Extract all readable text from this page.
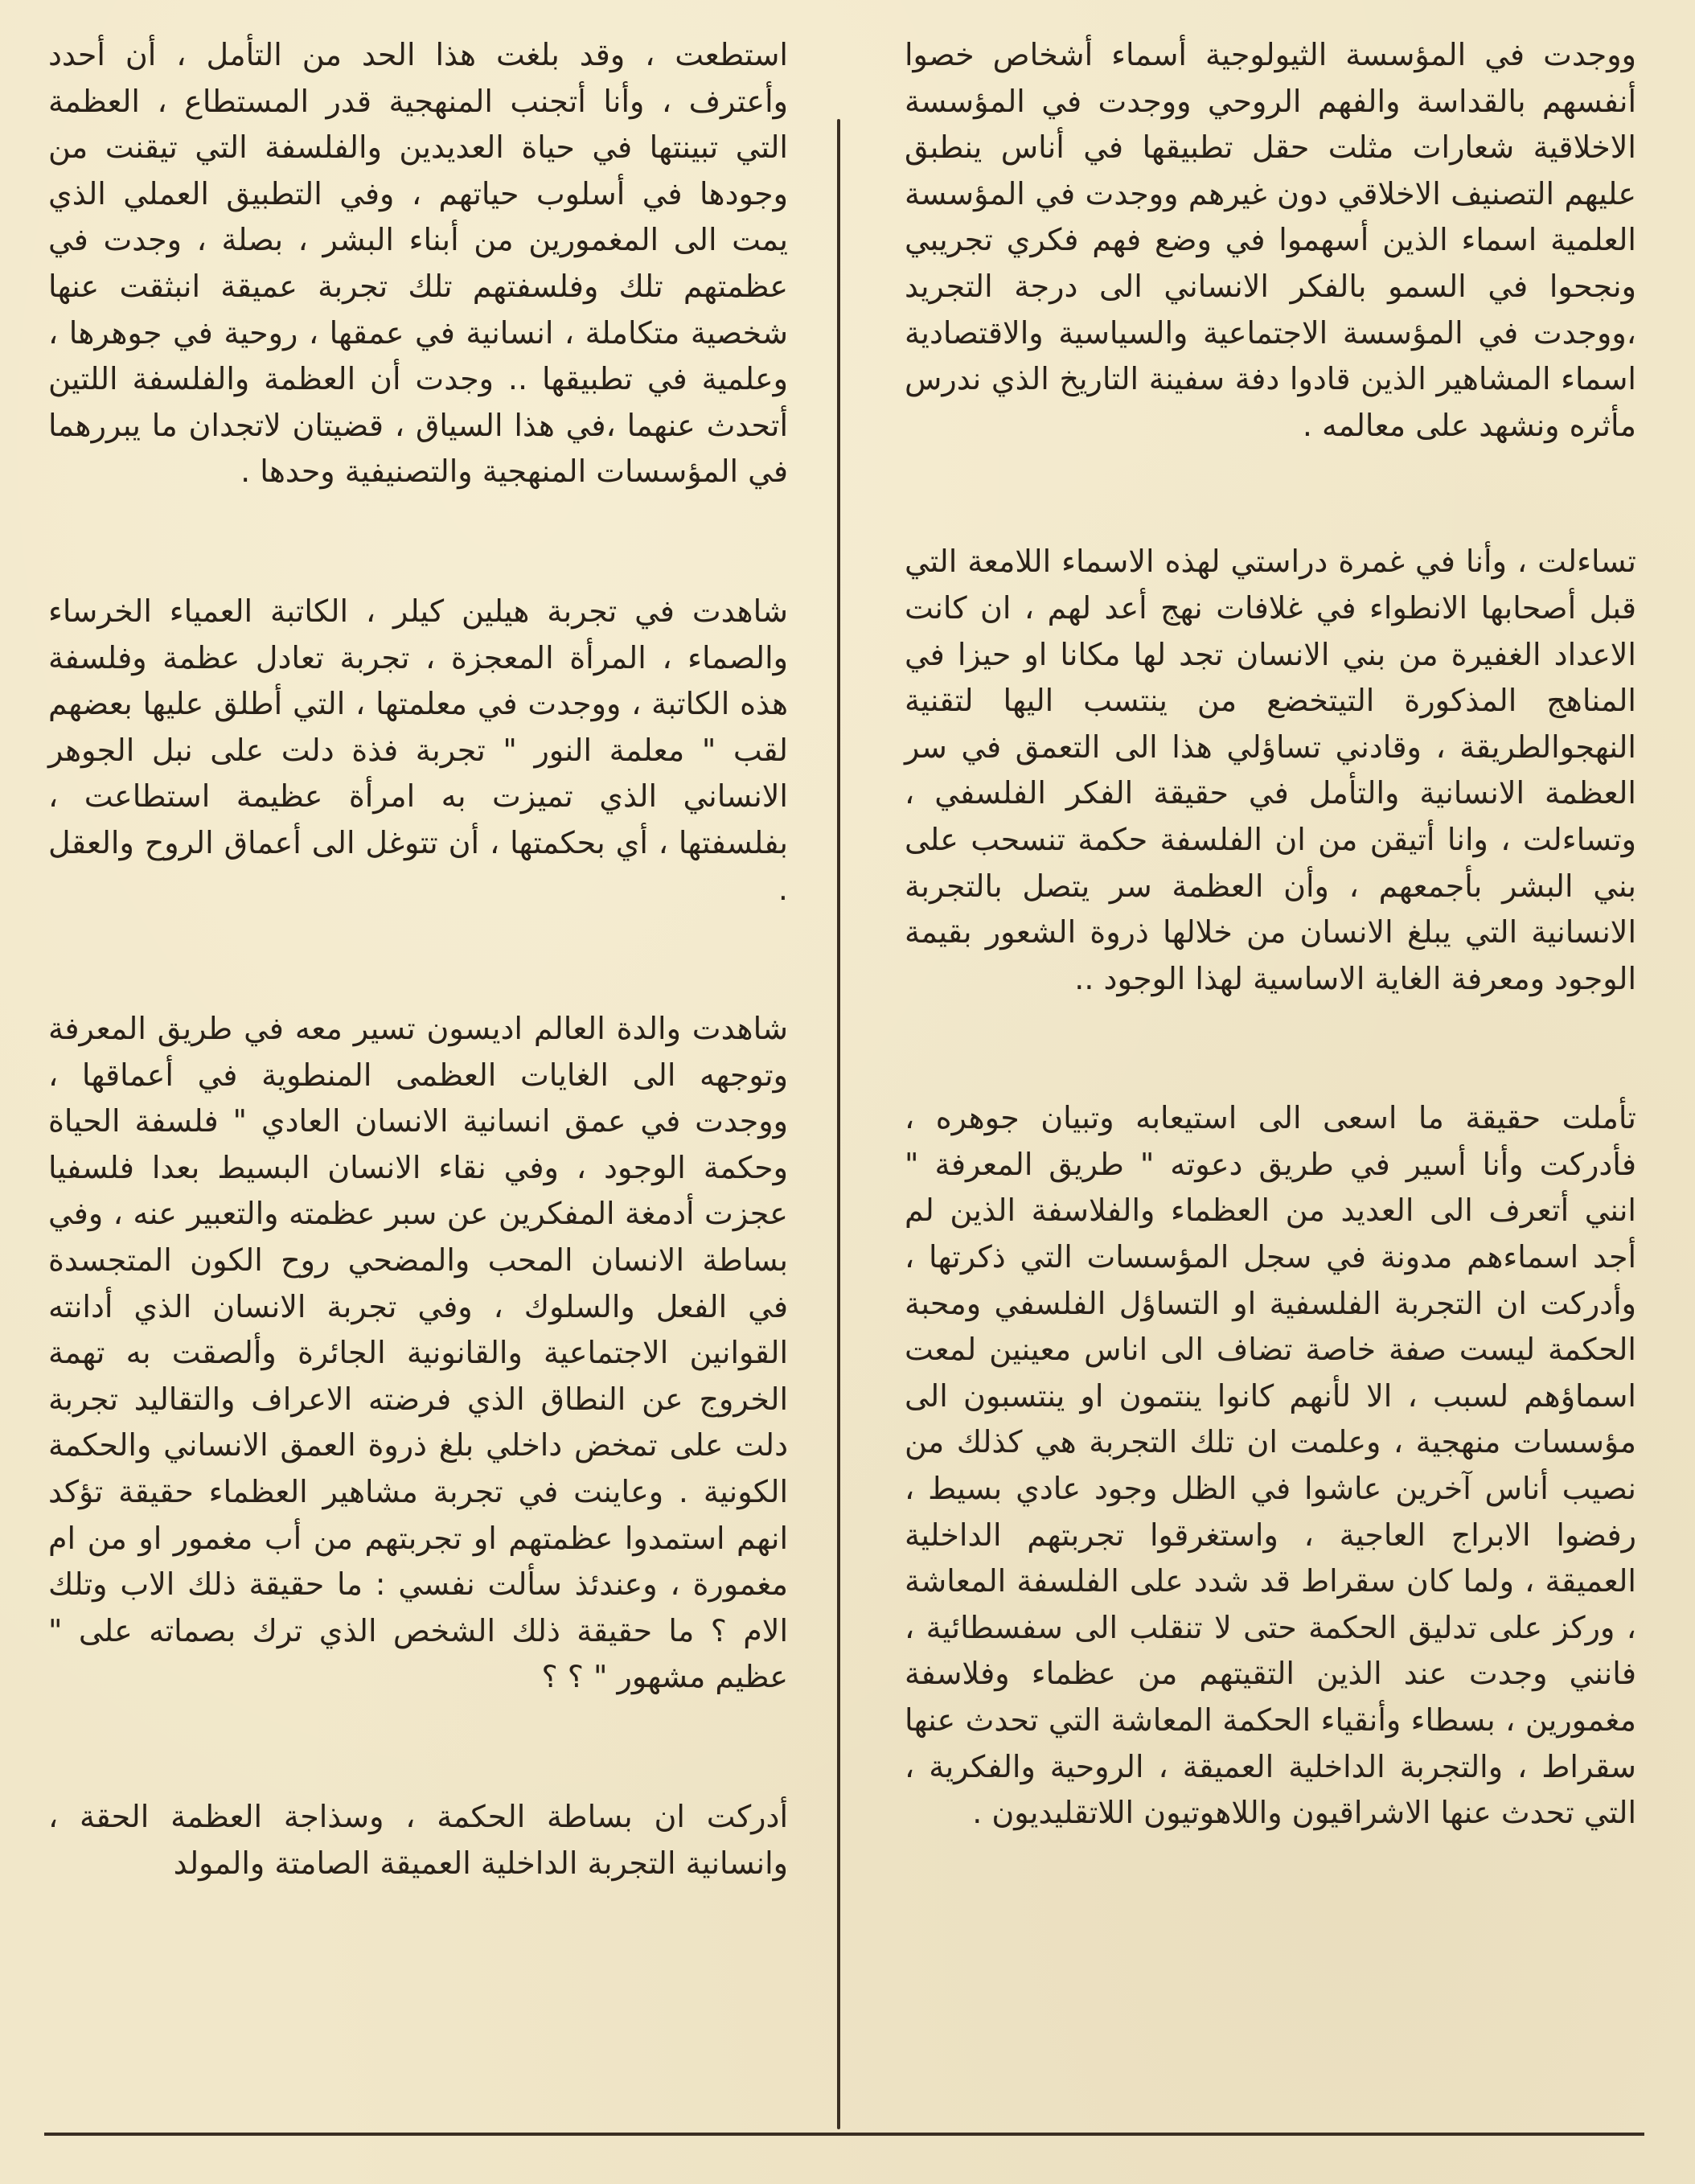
ووجدت في المؤسسة الثيولوجية أسماء أشخاص خصوا أنفسهم بالقداسة والفهم الروحي ووجدت في المؤسسة الاخلاقية شعارات مثلت حقل تطبيقها في أناس ينطبق عليهم التصنيف الاخلاقي دون غيرهم ووجدت في المؤسسة العلمية اسماء الذين أسهموا في وضع فهم فكري تجريبي ونجحوا في السمو بالفكر الانساني الى درجة التجريد ،ووجدت في المؤسسة الاجتماعية والسياسية والاقتصادية اسماء المشاهير الذين قادوا دفة سفينة التاريخ الذي ندرس مأثره ونشهد على معالمه .

تساءلت ، وأنا في غمرة دراستي لهذه الاسماء اللامعة التي قبل أصحابها الانطواء في غلافات نهج أعد لهم ، ان كانت الاعداد الغفيرة من بني الانسان تجد لها مكانا او حيزا في المناهج المذكورة التيتخضع من ينتسب اليها لتقنية النهجوالطريقة ، وقادني تساؤلي هذا الى التعمق في سر العظمة الانسانية والتأمل في حقيقة الفكر الفلسفي ، وتساءلت ، وانا أتيقن من ان الفلسفة حكمة تنسحب على بني البشر بأجمعهم ، وأن العظمة سر يتصل بالتجربة الانسانية التي يبلغ الانسان من خلالها ذروة الشعور بقيمة الوجود ومعرفة الغاية الاساسية لهذا الوجود ..

تأملت حقيقة ما اسعى الى استيعابه وتبيان جوهره ، فأدركت وأنا أسير في طريق دعوته " طريق المعرفة " انني أتعرف الى العديد من العظماء والفلاسفة الذين لم أجد اسماءهم مدونة في سجل المؤسسات التي ذكرتها ، وأدركت ان التجربة الفلسفية او التساؤل الفلسفي ومحبة الحكمة ليست صفة خاصة تضاف الى اناس معينين لمعت اسماؤهم لسبب ، الا لأنهم كانوا ينتمون او ينتسبون الى مؤسسات منهجية ، وعلمت ان تلك التجربة هي كذلك من نصيب أناس آخرين عاشوا في الظل وجود عادي بسيط ، رفضوا الابراج العاجية ، واستغرقوا تجربتهم الداخلية العميقة ، ولما كان سقراط قد شدد على الفلسفة المعاشة ، وركز على تدليق الحكمة حتى لا تنقلب الى سفسطائية ، فانني وجدت عند الذين التقيتهم من عظماء وفلاسفة مغمورين ، بسطاء وأنقياء الحكمة المعاشة التي تحدث عنها سقراط ، والتجربة الداخلية العميقة ، الروحية والفكرية ، التي تحدث عنها الاشراقيون واللاهوتيون اللاتقليديون .

استطعت ، وقد بلغت هذا الحد من التأمل ، أن أحدد وأعترف ، وأنا أتجنب المنهجية قدر المستطاع ، العظمة التي تبينتها في حياة العديدين والفلسفة التي تيقنت من وجودها في أسلوب حياتهم ، وفي التطبيق العملي الذي يمت الى المغمورين من أبناء البشر ، بصلة ، وجدت في عظمتهم تلك وفلسفتهم تلك تجربة عميقة انبثقت عنها شخصية متكاملة ، انسانية في عمقها ، روحية في جوهرها ، وعلمية في تطبيقها .. وجدت أن العظمة والفلسفة اللتين أتحدث عنهما ،في هذا السياق ، قضيتان لاتجدان ما يبررهما في المؤسسات المنهجية والتصنيفية وحدها .

شاهدت في تجربة هيلين كيلر ، الكاتبة العمياء الخرساء والصماء ، المرأة المعجزة ، تجربة تعادل عظمة وفلسفة هذه الكاتبة ، ووجدت في معلمتها ، التي أطلق عليها بعضهم لقب " معلمة النور " تجربة فذة دلت على نبل الجوهر الانساني الذي تميزت به امرأة عظيمة استطاعت ، بفلسفتها ، أي بحكمتها ، أن تتوغل الى أعماق الروح والعقل .

شاهدت والدة العالم اديسون تسير معه في طريق المعرفة وتوجهه الى الغايات العظمى المنطوية في أعماقها ، ووجدت في عمق انسانية الانسان العادي " فلسفة الحياة وحكمة الوجود ، وفي نقاء الانسان البسيط بعدا فلسفيا عجزت أدمغة المفكرين عن سبر عظمته والتعبير عنه ، وفي بساطة الانسان المحب والمضحي روح الكون المتجسدة في الفعل والسلوك ، وفي تجربة الانسان الذي أدانته القوانين الاجتماعية والقانونية الجائرة وألصقت به تهمة الخروج عن النطاق الذي فرضته الاعراف والتقاليد تجربة دلت على تمخض داخلي بلغ ذروة العمق الانساني والحكمة الكونية . وعاينت في تجربة مشاهير العظماء حقيقة تؤكد انهم استمدوا عظمتهم او تجربتهم من أب مغمور او من ام مغمورة ، وعندئذ سألت نفسي : ما حقيقة ذلك الاب وتلك الام ؟ ما حقيقة ذلك الشخص الذي ترك بصماته على " عظيم مشهور " ؟ ؟

أدركت ان بساطة الحكمة ، وسذاجة العظمة الحقة ، وانسانية التجربة الداخلية العميقة الصامتة والمولد
